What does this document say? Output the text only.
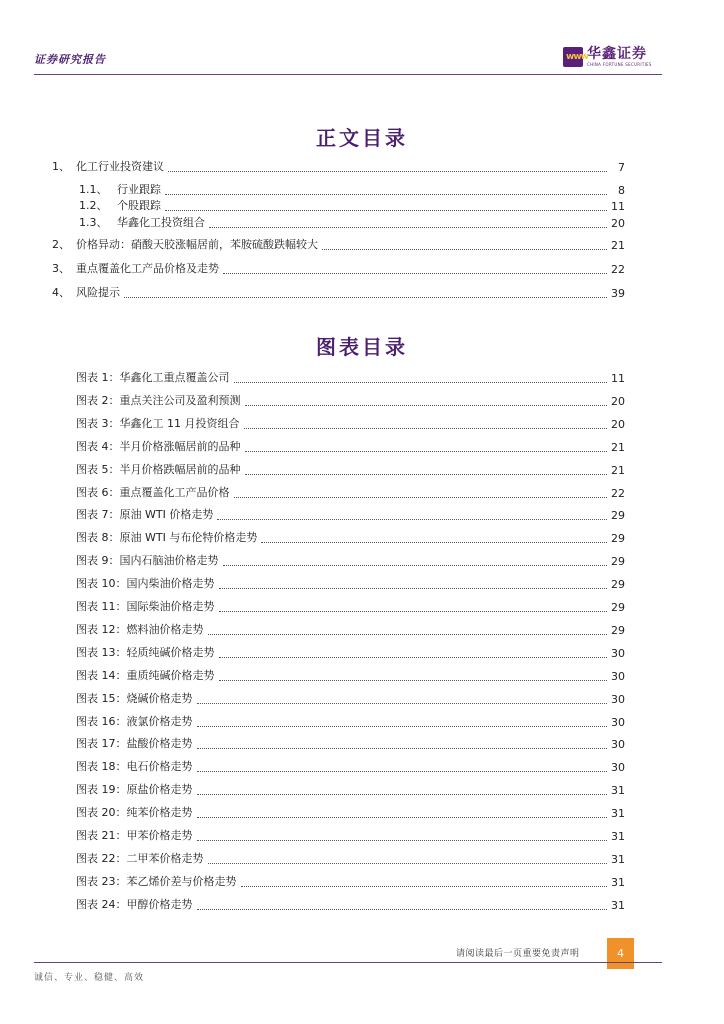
证券研究报告	www 华鑫证券
CHINA FORTUNE SECURITIES
正文目录
1、 化工行业投资建议	7
1.1、 行业跟踪	8
1.2、 个股跟踪	11
1.3、 华鑫化工投资组合	20
2、 价格异动：硝酸天胶涨幅居前，苯胺硫酸跌幅较大	21
3、 重点覆盖化工产品价格及走势	22
4、 风险提示	39
图表目录
图表 1：华鑫化工重点覆盖公司	11
图表 2：重点关注公司及盈利预测	20
图表 3：华鑫化工 11 月投资组合	20
图表 4：半月价格涨幅居前的品种	21
图表 5：半月价格跌幅居前的品种	21
图表 6：重点覆盖化工产品价格	22
图表 7：原油 WTI 价格走势	29
图表 8：原油 WTI 与布伦特价格走势	29
图表 9：国内石脑油价格走势	29
图表 10：国内柴油价格走势	29
图表 11：国际柴油价格走势	29
图表 12：燃料油价格走势	29
图表 13：轻质纯碱价格走势	30
图表 14：重质纯碱价格走势	30
图表 15：烧碱价格走势	30
图表 16：液氯价格走势	30
图表 17：盐酸价格走势	30
图表 18：电石价格走势	30
图表 19：原盐价格走势	31
图表 20：纯苯价格走势	31
图表 21：甲苯价格走势	31
图表 22：二甲苯价格走势	31
图表 23：苯乙烯价差与价格走势	31
图表 24：甲醇价格走势	31
请阅读最后一页重要免责声明	4
诚信、专业、稳健、高效
